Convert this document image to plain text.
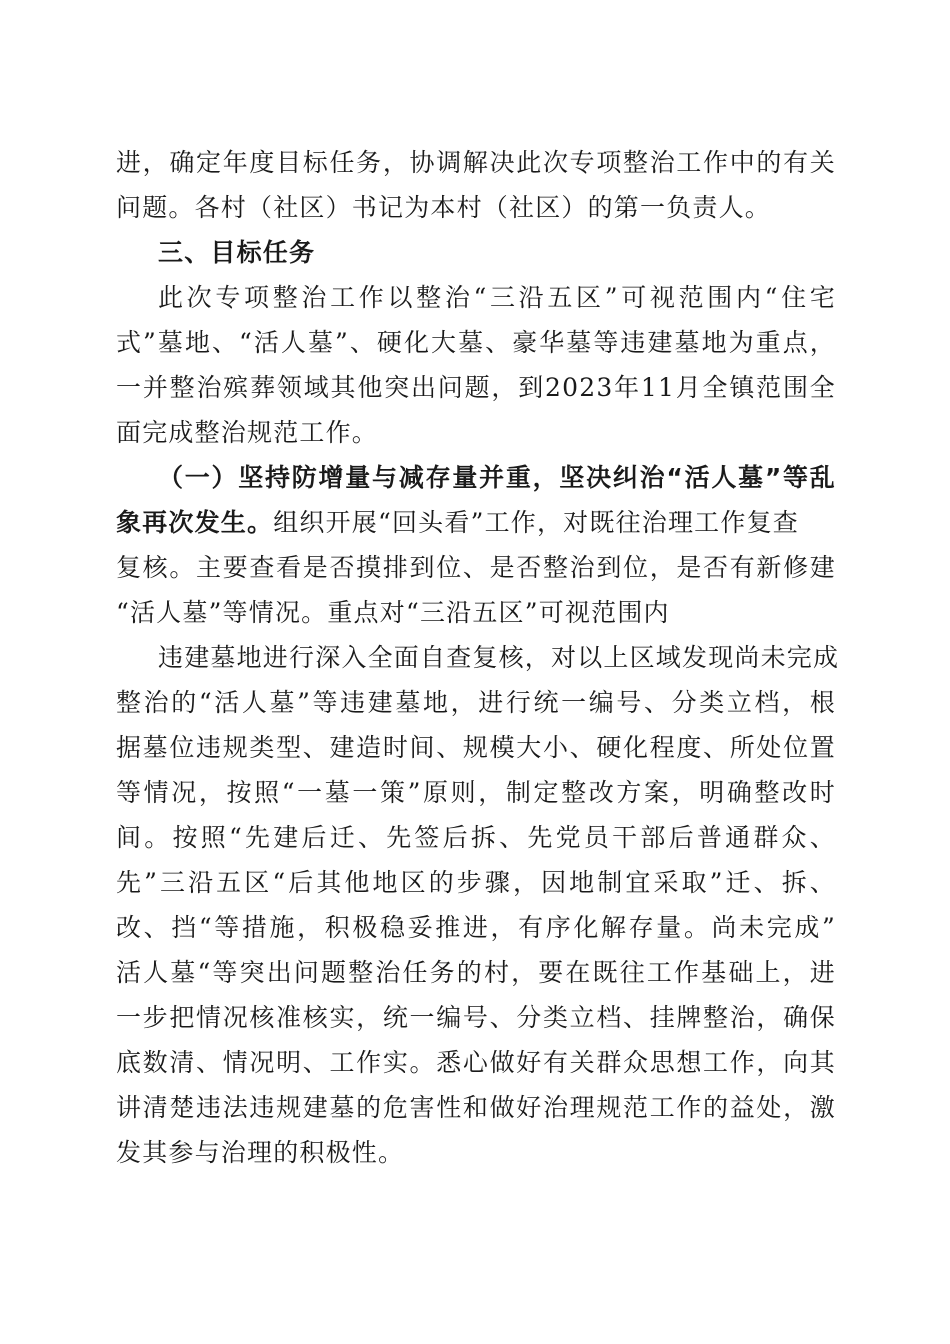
进，确定年度目标任务，协调解决此次专项整治工作中的有关
问题。各村（社区）书记为本村（社区）的第一负责人。
三、目标任务
此次专项整治工作以整治“三沿五区”可视范围内“住宅
式”墓地、“活人墓”、硬化大墓、豪华墓等违建墓地为重点，
一并整治殡葬领域其他突出问题，到2023年11月全镇范围全
面完成整治规范工作。
（一）坚持防增量与减存量并重，坚决纠治“活人墓”等乱
象再次发生。组织开展“回头看”工作，对既往治理工作复查
复核。主要查看是否摸排到位、是否整治到位，是否有新修建
“活人墓”等情况。重点对“三沿五区”可视范围内
违建墓地进行深入全面自查复核，对以上区域发现尚未完成
整治的“活人墓”等违建墓地，进行统一编号、分类立档，根
据墓位违规类型、建造时间、规模大小、硬化程度、所处位置
等情况，按照“一墓一策”原则，制定整改方案，明确整改时
间。按照“先建后迁、先签后拆、先党员干部后普通群众、
先”三沿五区“后其他地区的步骤，因地制宜采取”迁、拆、
改、挡“等措施，积极稳妥推进，有序化解存量。尚未完成”
活人墓“等突出问题整治任务的村，要在既往工作基础上，进
一步把情况核准核实，统一编号、分类立档、挂牌整治，确保
底数清、情况明、工作实。悉心做好有关群众思想工作，向其
讲清楚违法违规建墓的危害性和做好治理规范工作的益处，激
发其参与治理的积极性。
